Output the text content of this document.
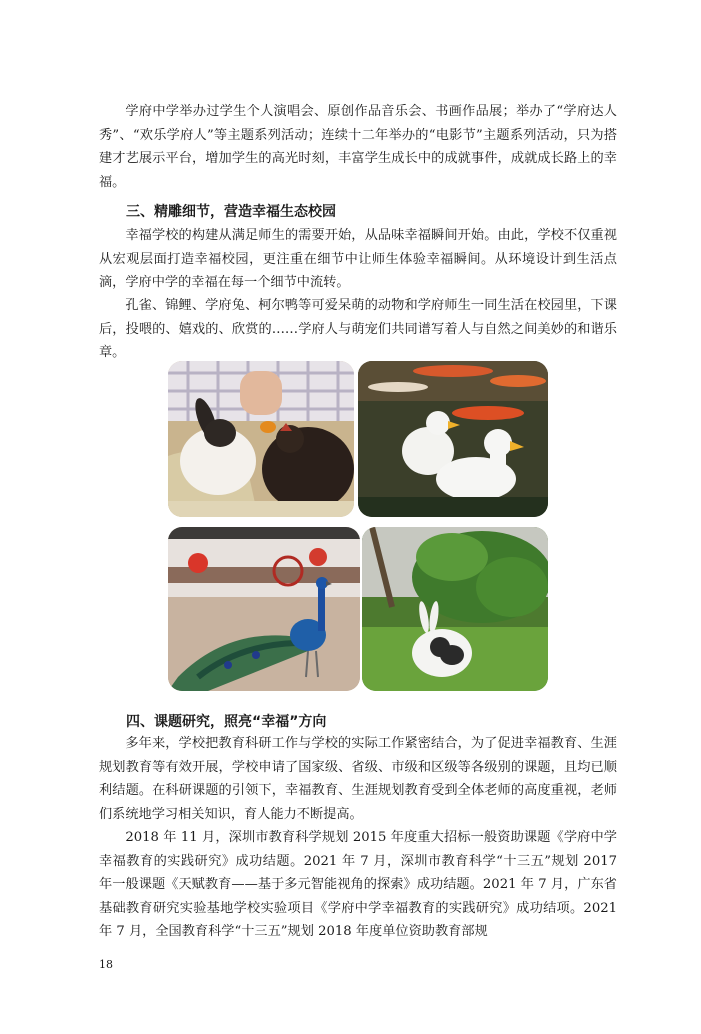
学府中学举办过学生个人演唱会、原创作品音乐会、书画作品展；举办了“学府达人秀”、“欢乐学府人”等主题系列活动；连续十二年举办的“电影节”主题系列活动，只为搭建才艺展示平台，增加学生的高光时刻，丰富学生成长中的成就事件，成就成长路上的幸福。

三、精雕细节，营造幸福生态校园

幸福学校的构建从满足师生的需要开始，从品味幸福瞬间开始。由此，学校不仅重视从宏观层面打造幸福校园，更注重在细节中让师生体验幸福瞬间。从环境设计到生活点滴，学府中学的幸福在每一个细节中流转。

孔雀、锦鲤、学府兔、柯尔鸭等可爱呆萌的动物和学府师生一同生活在校园里，下课后，投喂的、嬉戏的、欣赏的……学府人与萌宠们共同谱写着人与自然之间美妙的和谐乐章。

四、课题研究，照亮“幸福”方向

多年来，学校把教育科研工作与学校的实际工作紧密结合，为了促进幸福教育、生涯规划教育等有效开展，学校申请了国家级、省级、市级和区级等各级别的课题，且均已顺利结题。在科研课题的引领下，幸福教育、生涯规划教育受到全体老师的高度重视，老师们系统地学习相关知识，育人能力不断提高。

2018 年 11 月，深圳市教育科学规划 2015 年度重大招标一般资助课题《学府中学幸福教育的实践研究》成功结题。2021 年 7 月，深圳市教育科学“十三五”规划 2017 年一般课题《天赋教育——基于多元智能视角的探索》成功结题。2021 年 7 月，广东省基础教育研究实验基地学校实验项目《学府中学幸福教育的实践研究》成功结项。2021 年 7 月，全国教育科学“十三五”规划 2018 年度单位资助教育部规

18
